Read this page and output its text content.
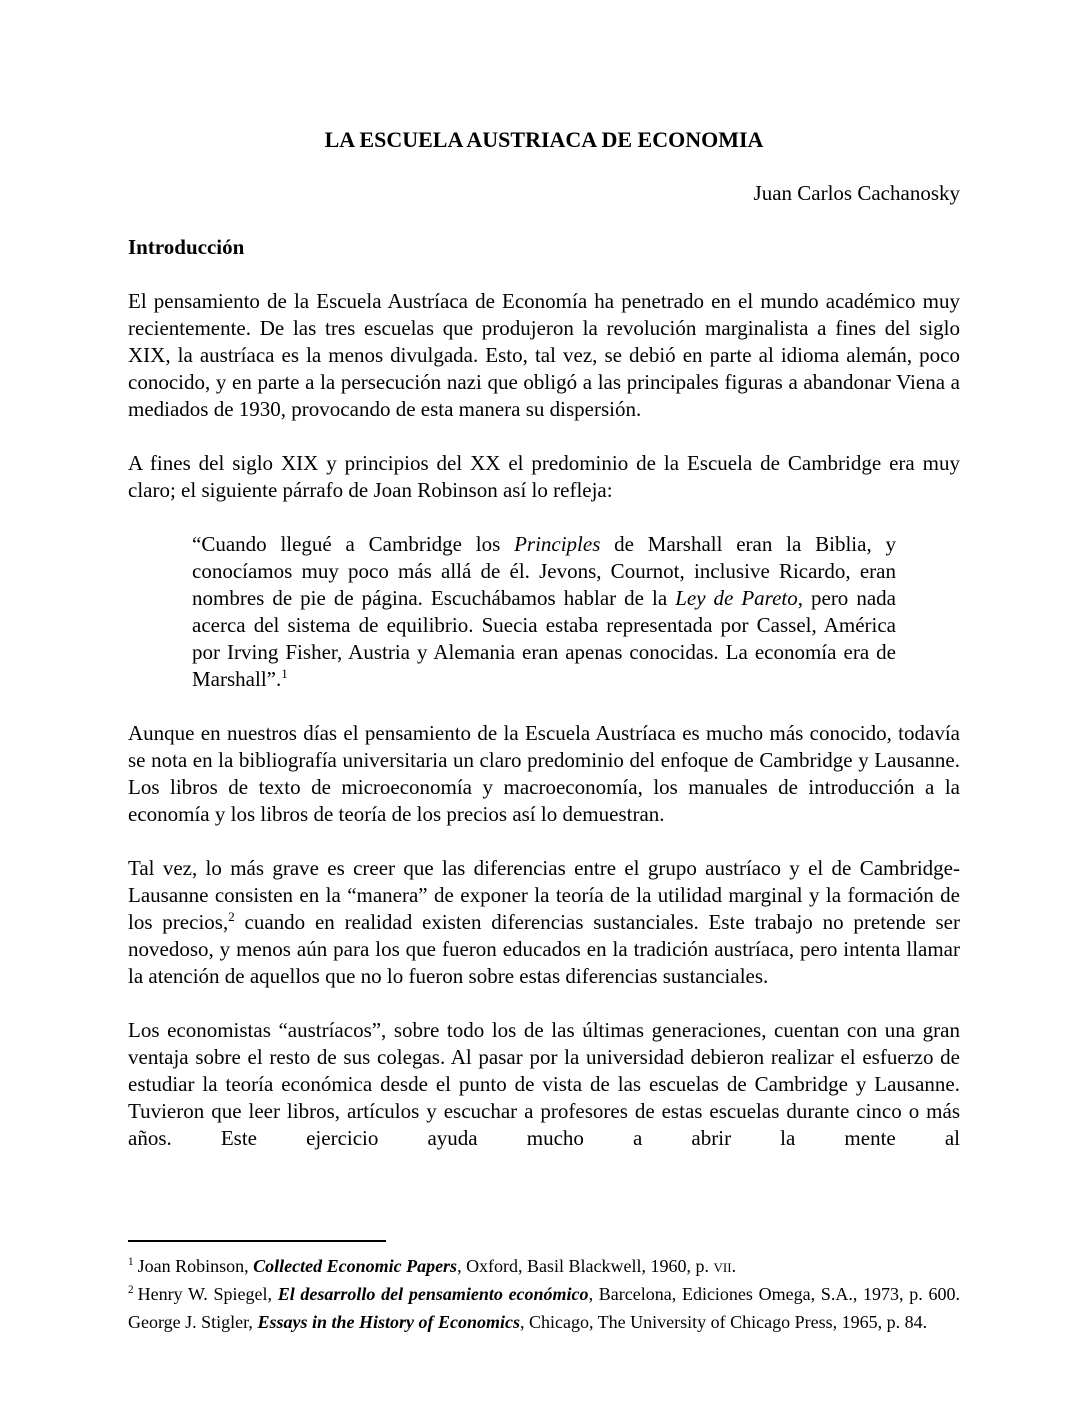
LA ESCUELA AUSTRIACA DE ECONOMIA
Juan Carlos Cachanosky
Introducción

El pensamiento de la Escuela Austríaca de Economía ha penetrado en el mundo académico muy recientemente. De las tres escuelas que produjeron la revolución marginalista a fines del siglo XIX, la austríaca es la menos divulgada. Esto, tal vez, se debió en parte al idioma alemán, poco conocido, y en parte a la persecución nazi que obligó a las principales figuras a abandonar Viena a mediados de 1930, provocando de esta manera su dispersión.

A fines del siglo XIX y principios del XX el predominio de la Escuela de Cambridge era muy claro; el siguiente párrafo de Joan Robinson así lo refleja:

“Cuando llegué a Cambridge los Principles de Marshall eran la Biblia, y conocíamos muy poco más allá de él. Jevons, Cournot, inclusive Ricardo, eran nombres de pie de página. Escuchábamos hablar de la Ley de Pareto, pero nada acerca del sistema de equilibrio. Suecia estaba representada por Cassel, América por Irving Fisher, Austria y Alemania eran apenas conocidas. La economía era de Marshall”.$^1$

Aunque en nuestros días el pensamiento de la Escuela Austríaca es mucho más conocido, todavía se nota en la bibliografía universitaria un claro predominio del enfoque de Cambridge y Lausanne. Los libros de texto de microeconomía y macroeconomía, los manuales de introducción a la economía y los libros de teoría de los precios así lo demuestran.

Tal vez, lo más grave es creer que las diferencias entre el grupo austríaco y el de Cambridge-Lausanne consisten en la “manera” de exponer la teoría de la utilidad marginal y la formación de los precios,$^2$ cuando en realidad existen diferencias sustanciales. Este trabajo no pretende ser novedoso, y menos aún para los que fueron educados en la tradición austríaca, pero intenta llamar la atención de aquellos que no lo fueron sobre estas diferencias sustanciales.

Los economistas “austríacos”, sobre todo los de las últimas generaciones, cuentan con una gran ventaja sobre el resto de sus colegas. Al pasar por la universidad debieron realizar el esfuerzo de estudiar la teoría económica desde el punto de vista de las escuelas de Cambridge y Lausanne. Tuvieron que leer libros, artículos y escuchar a profesores de estas escuelas durante cinco o más años. Este ejercicio ayuda mucho a abrir la mente al

$^1$ Joan Robinson, Collected Economic Papers, Oxford, Basil Blackwell, 1960, p. vii.

$^2$ Henry W. Spiegel, El desarrollo del pensamiento económico, Barcelona, Ediciones Omega, S.A., 1973, p. 600. George J. Stigler, Essays in the History of Economics, Chicago, The University of Chicago Press, 1965, p. 84.
